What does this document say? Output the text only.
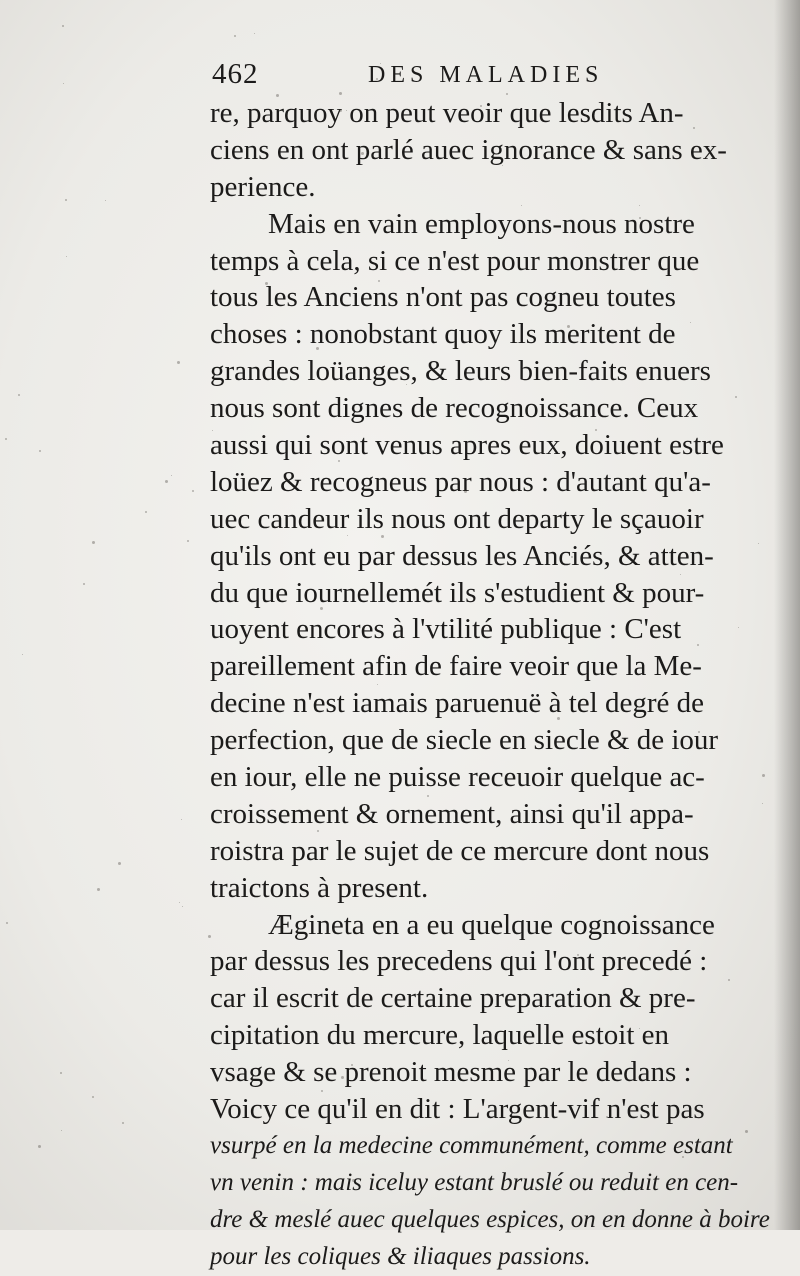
462	DES MALADIES
re, parquoy on peut veoir que lesdits An-
ciens en ont parlé auec ignorance & sans ex-
perience.
Mais en vain employons-nous nostre
temps à cela, si ce n'est pour monstrer que
tous les Anciens n'ont pas cogneu toutes
choses : nonobstant quoy ils meritent de
grandes loüanges, & leurs bien-faits enuers
nous sont dignes de recognoissance. Ceux
aussi qui sont venus apres eux, doiuent estre
loüez & recogneus par nous : d'autant qu'a-
uec candeur ils nous ont departy le sçauoir
qu'ils ont eu par dessus les Anciés, & atten-
du que iournellemét ils s'estudient & pour-
uoyent encores à l'vtilité publique : C'est
pareillement afin de faire veoir que la Me-
decine n'est iamais paruenuë à tel degré de
perfection, que de siecle en siecle & de iour
en iour, elle ne puisse receuoir quelque ac-
croissement & ornement, ainsi qu'il appa-
roistra par le sujet de ce mercure dont nous
traictons à present.
Ægineta en a eu quelque cognoissance
par dessus les precedens qui l'ont precedé :
car il escrit de certaine preparation & pre-
cipitation du mercure, laquelle estoit en
vsage & se prenoit mesme par le dedans :
Voicy ce qu'il en dit : L'argent-vif n'est pas
vsurpé en la medecine communément, comme estant
vn venin : mais iceluy estant bruslé ou reduit en cen-
dre & meslé auec quelques espices, on en donne à boire
pour les coliques & iliaques passions.
